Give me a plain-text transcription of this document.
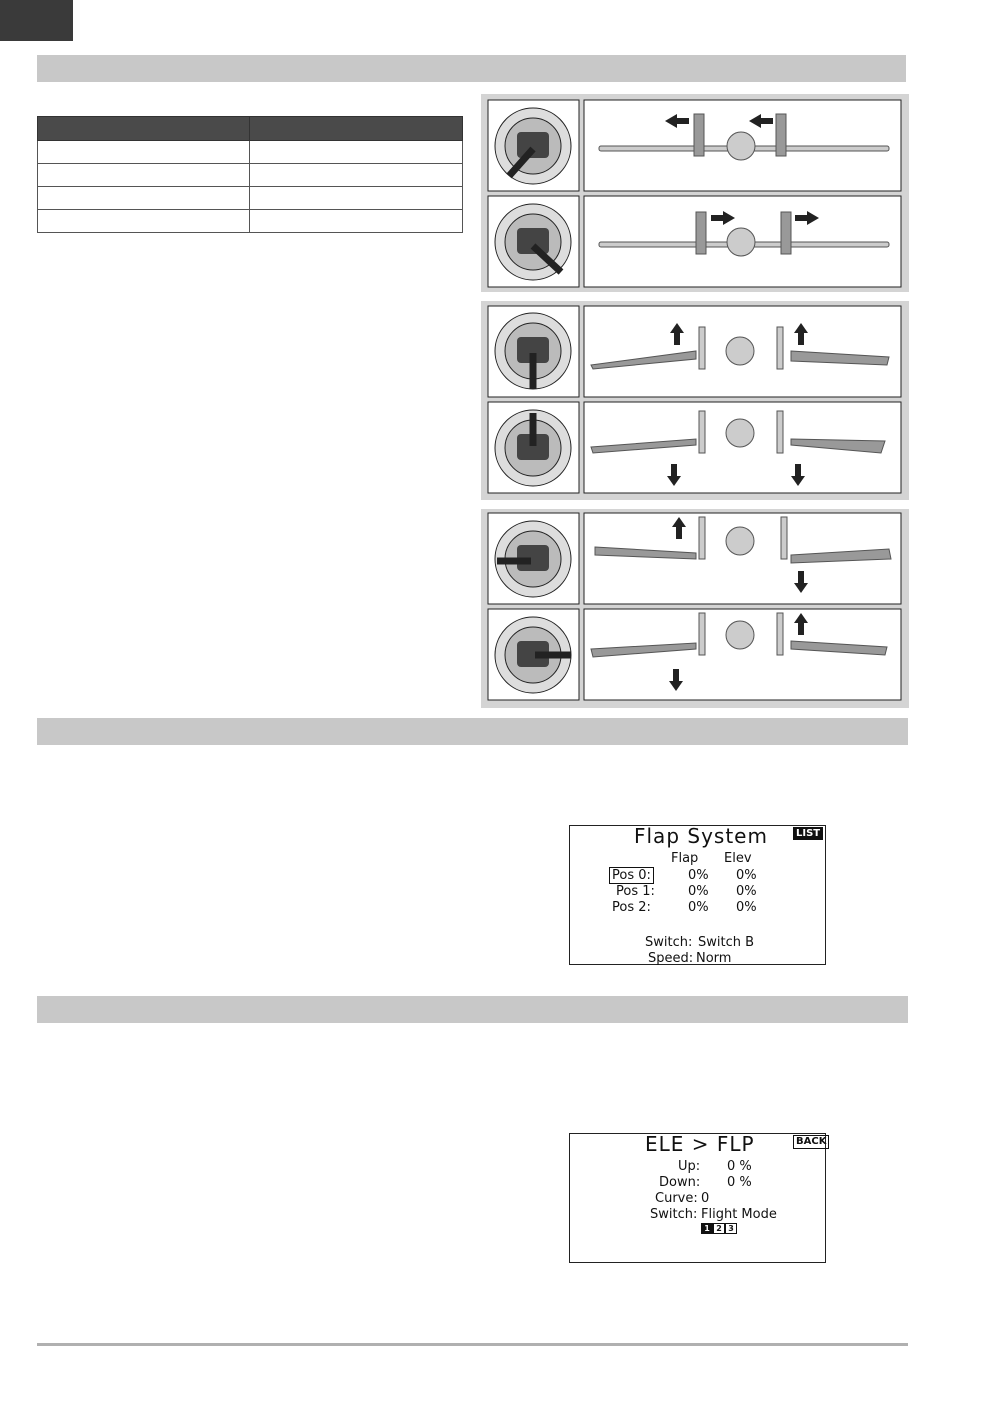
Flap System	LIST
Flap Elev
Pos 0:	0% 0%
Pos 1:	0% 0%
Pos 2:	0% 0%
Switch: Switch B
Speed: Norm
ELE > FLP	BACK
Up: 0 %
Down: 0 %
Curve: 0
Switch: Flight Mode
1 2 3
